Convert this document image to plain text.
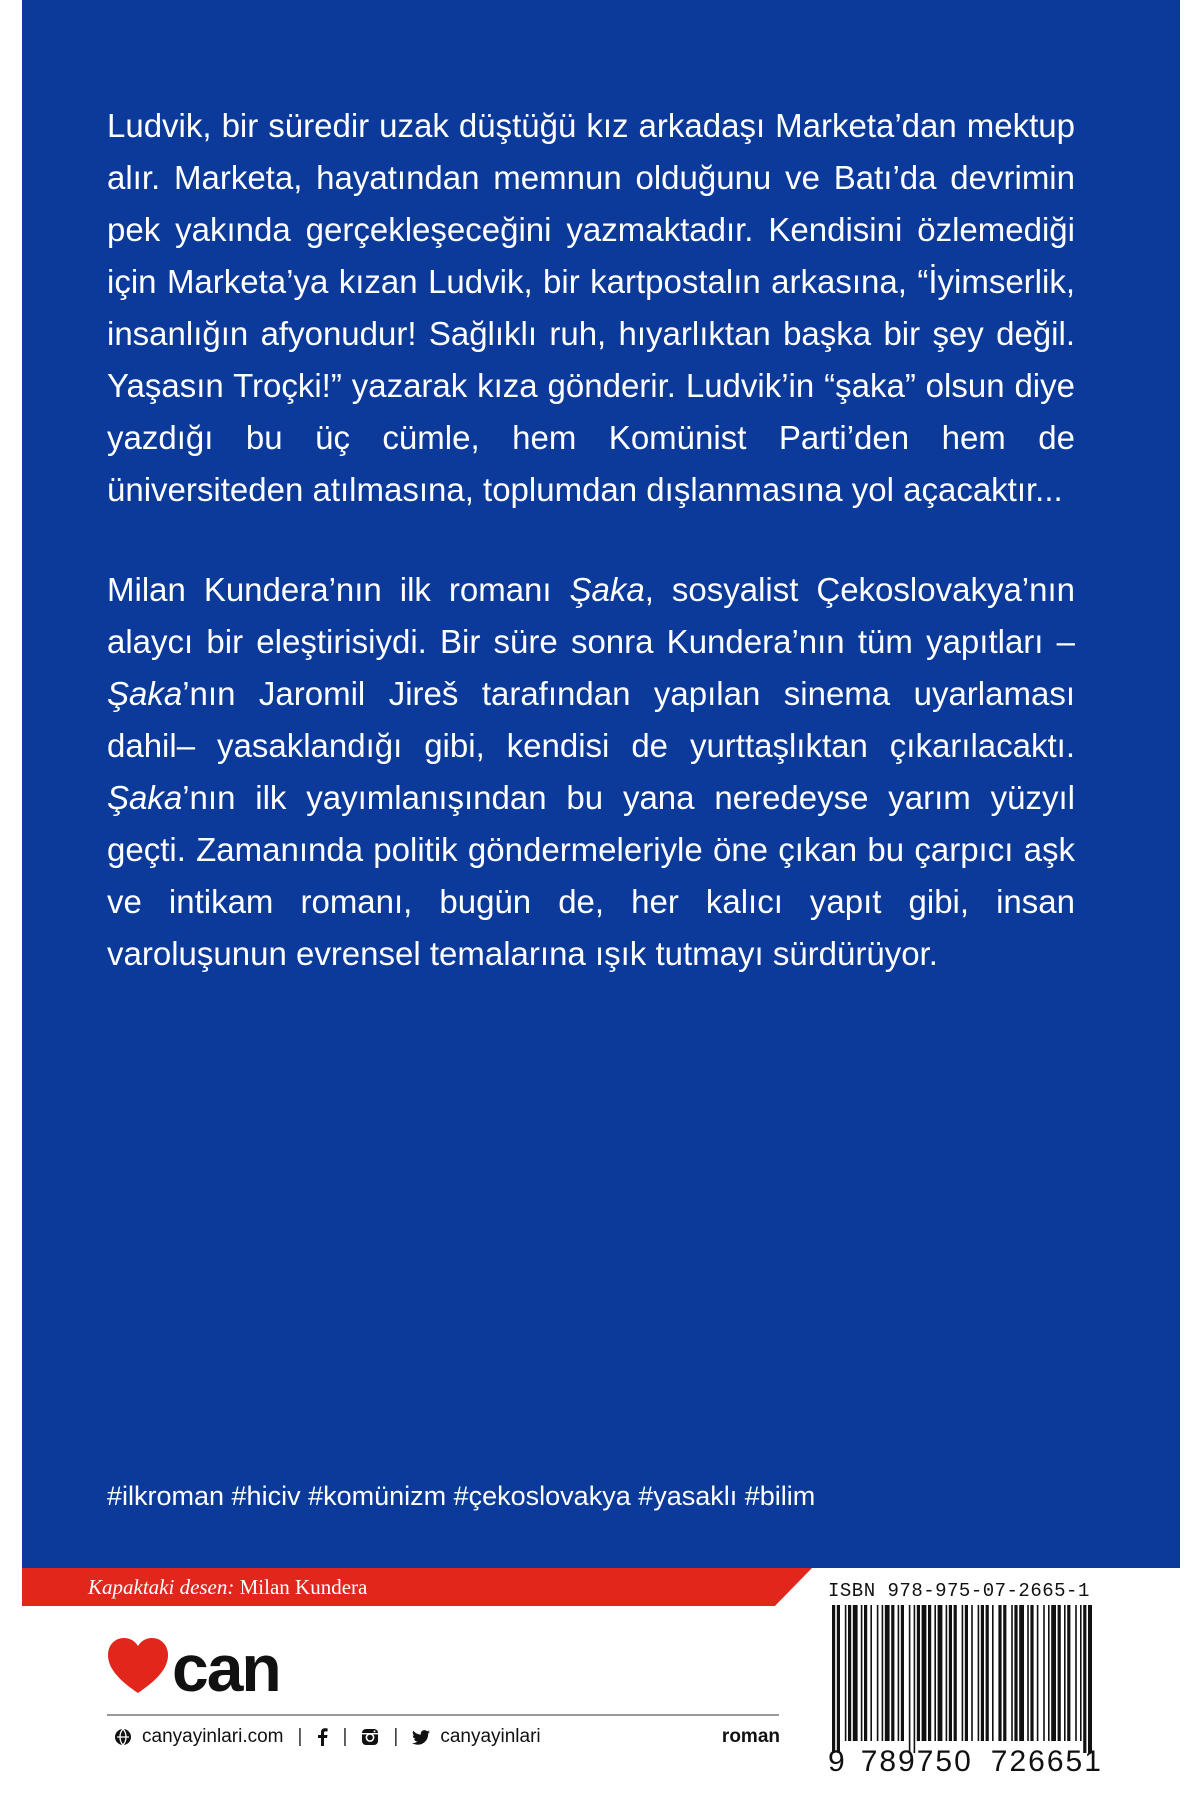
Ludvik, bir süredir uzak düştüğü kız arkadaşı Marketa’dan mektup alır. Marketa, hayatından memnun olduğunu ve Batı’da devrimin pek yakında gerçekleşeceğini yazmaktadır. Kendisini özlemediği için Marketa’ya kızan Ludvik, bir kartpostalın arkasına, “İyimserlik, insanlığın afyonudur! Sağlıklı ruh, hıyarlıktan başka bir şey değil. Yaşasın Troçki!” yazarak kıza gönderir. Ludvik’in “şaka” olsun diye yazdığı bu üç cümle, hem Komünist Parti’den hem de üniversiteden atılmasına, toplumdan dışlanmasına yol açacaktır...

Milan Kundera’nın ilk romanı Şaka, sosyalist Çekoslovakya’nın alaycı bir eleştirisiydi. Bir süre sonra Kundera’nın tüm yapıtları –Şaka’nın Jaromil Jireš tarafından yapılan sinema uyarlaması dahil– yasaklandığı gibi, kendisi de yurttaşlıktan çıkarılacaktı. Şaka’nın ilk yayımlanışından bu yana neredeyse yarım yüzyıl geçti. Zamanında politik göndermeleriyle öne çıkan bu çarpıcı aşk ve intikam romanı, bugün de, her kalıcı yapıt gibi, insan varoluşunun evrensel temalarına ışık tutmayı sürdürüyor.

#ilkroman #hiciv #komünizm #çekoslovakya #yasaklı #bilim
Kapaktaki desen: Milan Kundera
can
canyayinlari.com | | | canyayinlari	roman
ISBN 978-975-07-2665-1
9 789750 726651
